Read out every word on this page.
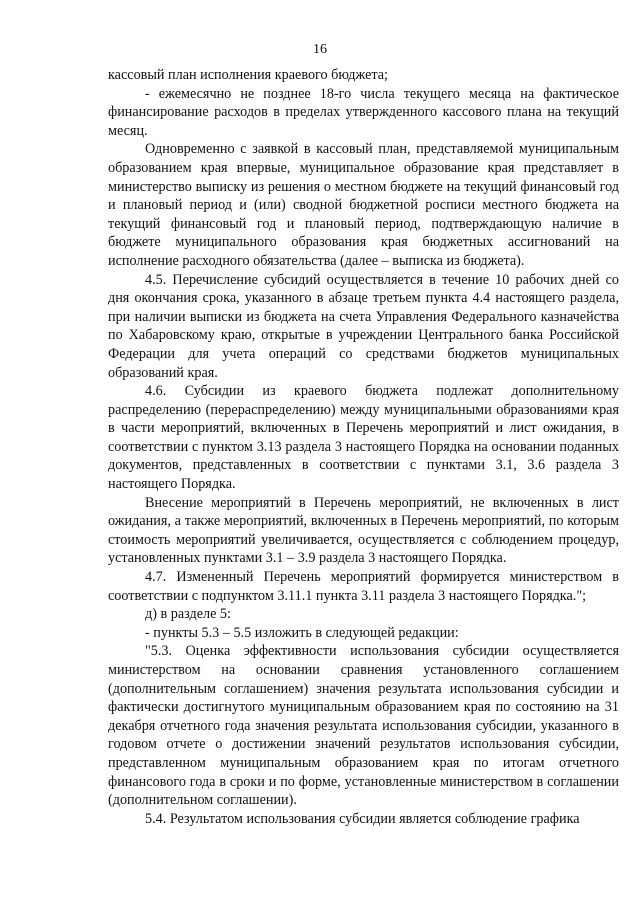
16

кассовый план исполнения краевого бюджета;

- ежемесячно не позднее 18-го числа текущего месяца на фактическое финансирование расходов в пределах утвержденного кассового плана на текущий месяц.

Одновременно с заявкой в кассовый план, представляемой муниципальным образованием края впервые, муниципальное образование края представляет в министерство выписку из решения о местном бюджете на текущий финансовый год и плановый период и (или) сводной бюджетной росписи местного бюджета на текущий финансовый год и плановый период, подтверждающую наличие в бюджете муниципального образования края бюджетных ассигнований на исполнение расходного обязательства (далее – выписка из бюджета).

4.5. Перечисление субсидий осуществляется в течение 10 рабочих дней со дня окончания срока, указанного в абзаце третьем пункта 4.4 настоящего раздела, при наличии выписки из бюджета на счета Управления Федерального казначейства по Хабаровскому краю, открытые в учреждении Центрального банка Российской Федерации для учета операций со средствами бюджетов муниципальных образований края.

4.6. Субсидии из краевого бюджета подлежат дополнительному распределению (перераспределению) между муниципальными образованиями края в части мероприятий, включенных в Перечень мероприятий и лист ожидания, в соответствии с пунктом 3.13 раздела 3 настоящего Порядка на основании поданных документов, представленных в соответствии с пунктами 3.1, 3.6 раздела 3 настоящего Порядка.

Внесение мероприятий в Перечень мероприятий, не включенных в лист ожидания, а также мероприятий, включенных в Перечень мероприятий, по которым стоимость мероприятий увеличивается, осуществляется с соблюдением процедур, установленных пунктами 3.1 – 3.9 раздела 3 настоящего Порядка.

4.7. Измененный Перечень мероприятий формируется министерством в соответствии с подпунктом 3.11.1 пункта 3.11 раздела 3 настоящего Порядка.";

д) в разделе 5:

- пункты 5.3 – 5.5 изложить в следующей редакции:

"5.3. Оценка эффективности использования субсидии осуществляется министерством на основании сравнения установленного соглашением (дополнительным соглашением) значения результата использования субсидии и фактически достигнутого муниципальным образованием края по состоянию на 31 декабря отчетного года значения результата использования субсидии, указанного в годовом отчете о достижении значений результатов использования субсидии, представленном муниципальным образованием края по итогам отчетного финансового года в сроки и по форме, установленные министерством в соглашении (дополнительном соглашении).

5.4. Результатом использования субсидии является соблюдение графика
